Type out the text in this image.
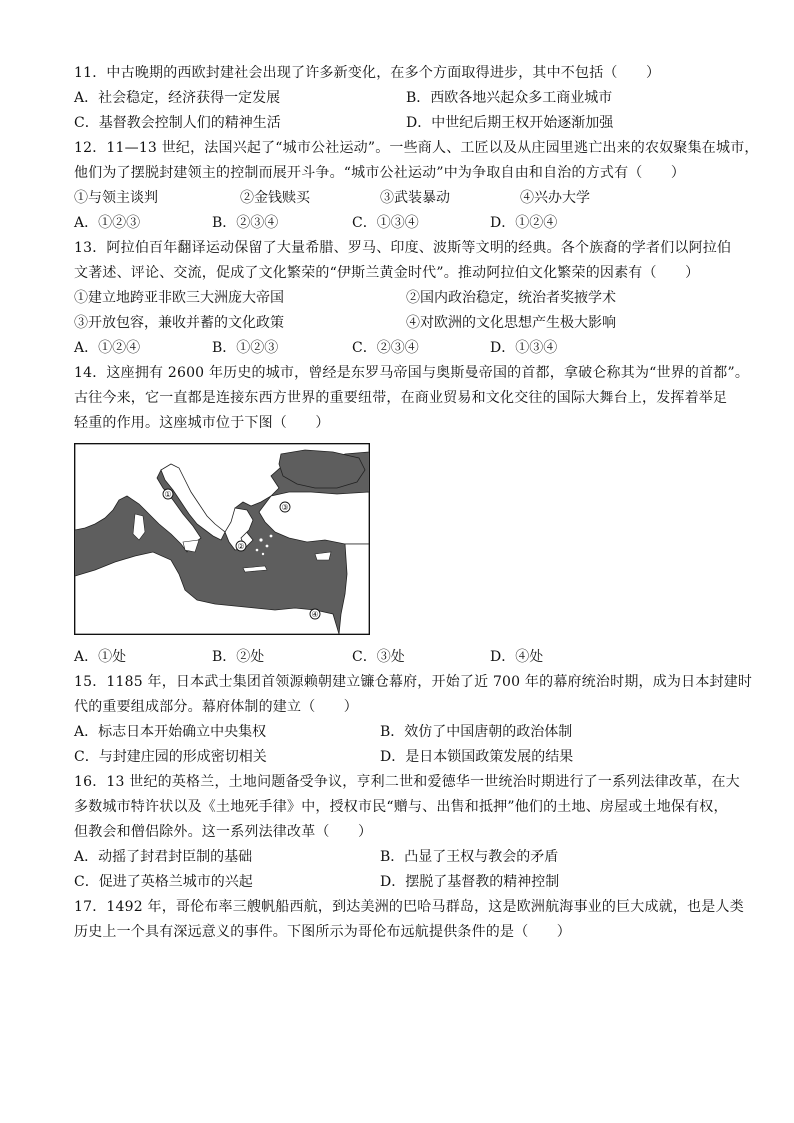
11．中古晚期的西欧封建社会出现了许多新变化，在多个方面取得进步，其中不包括（　　）
A．社会稳定，经济获得一定发展	B．西欧各地兴起众多工商业城市
C．基督教会控制人们的精神生活	D．中世纪后期王权开始逐渐加强
12．11—13 世纪，法国兴起了“城市公社运动”。一些商人、工匠以及从庄园里逃亡出来的农奴聚集在城市，
他们为了摆脱封建领主的控制而展开斗争。“城市公社运动”中为争取自由和自治的方式有（　　）
①与领主谈判	②金钱赎买	③武装暴动	④兴办大学
A．①②③	B．②③④	C．①③④	D．①②④
13．阿拉伯百年翻译运动保留了大量希腊、罗马、印度、波斯等文明的经典。各个族裔的学者们以阿拉伯
文著述、评论、交流，促成了文化繁荣的“伊斯兰黄金时代”。推动阿拉伯文化繁荣的因素有（　　）
①建立地跨亚非欧三大洲庞大帝国	②国内政治稳定，统治者奖掖学术
③开放包容，兼收并蓄的文化政策	④对欧洲的文化思想产生极大影响
A．①②④	B．①②③	C．②③④	D．①③④
14．这座拥有 2600 年历史的城市，曾经是东罗马帝国与奥斯曼帝国的首都，拿破仑称其为“世界的首都”。
古往今来，它一直都是连接东西方世界的重要纽带，在商业贸易和文化交往的国际大舞台上，发挥着举足
轻重的作用。这座城市位于下图（　　）
①
②
③
④
A．①处	B．②处	C．③处	D．④处
15．1185 年，日本武士集团首领源赖朝建立镰仓幕府，开始了近 700 年的幕府统治时期，成为日本封建时
代的重要组成部分。幕府体制的建立（　　）
A．标志日本开始确立中央集权	B．效仿了中国唐朝的政治体制
C．与封建庄园的形成密切相关	D．是日本锁国政策发展的结果
16．13 世纪的英格兰，土地问题备受争议，亨利二世和爱德华一世统治时期进行了一系列法律改革，在大
多数城市特许状以及《土地死手律》中，授权市民“赠与、出售和抵押”他们的土地、房屋或土地保有权，
但教会和僧侣除外。这一系列法律改革（　　）
A．动摇了封君封臣制的基础	B．凸显了王权与教会的矛盾
C．促进了英格兰城市的兴起	D．摆脱了基督教的精神控制
17．1492 年，哥伦布率三艘帆船西航，到达美洲的巴哈马群岛，这是欧洲航海事业的巨大成就，也是人类
历史上一个具有深远意义的事件。下图所示为哥伦布远航提供条件的是（　　）
